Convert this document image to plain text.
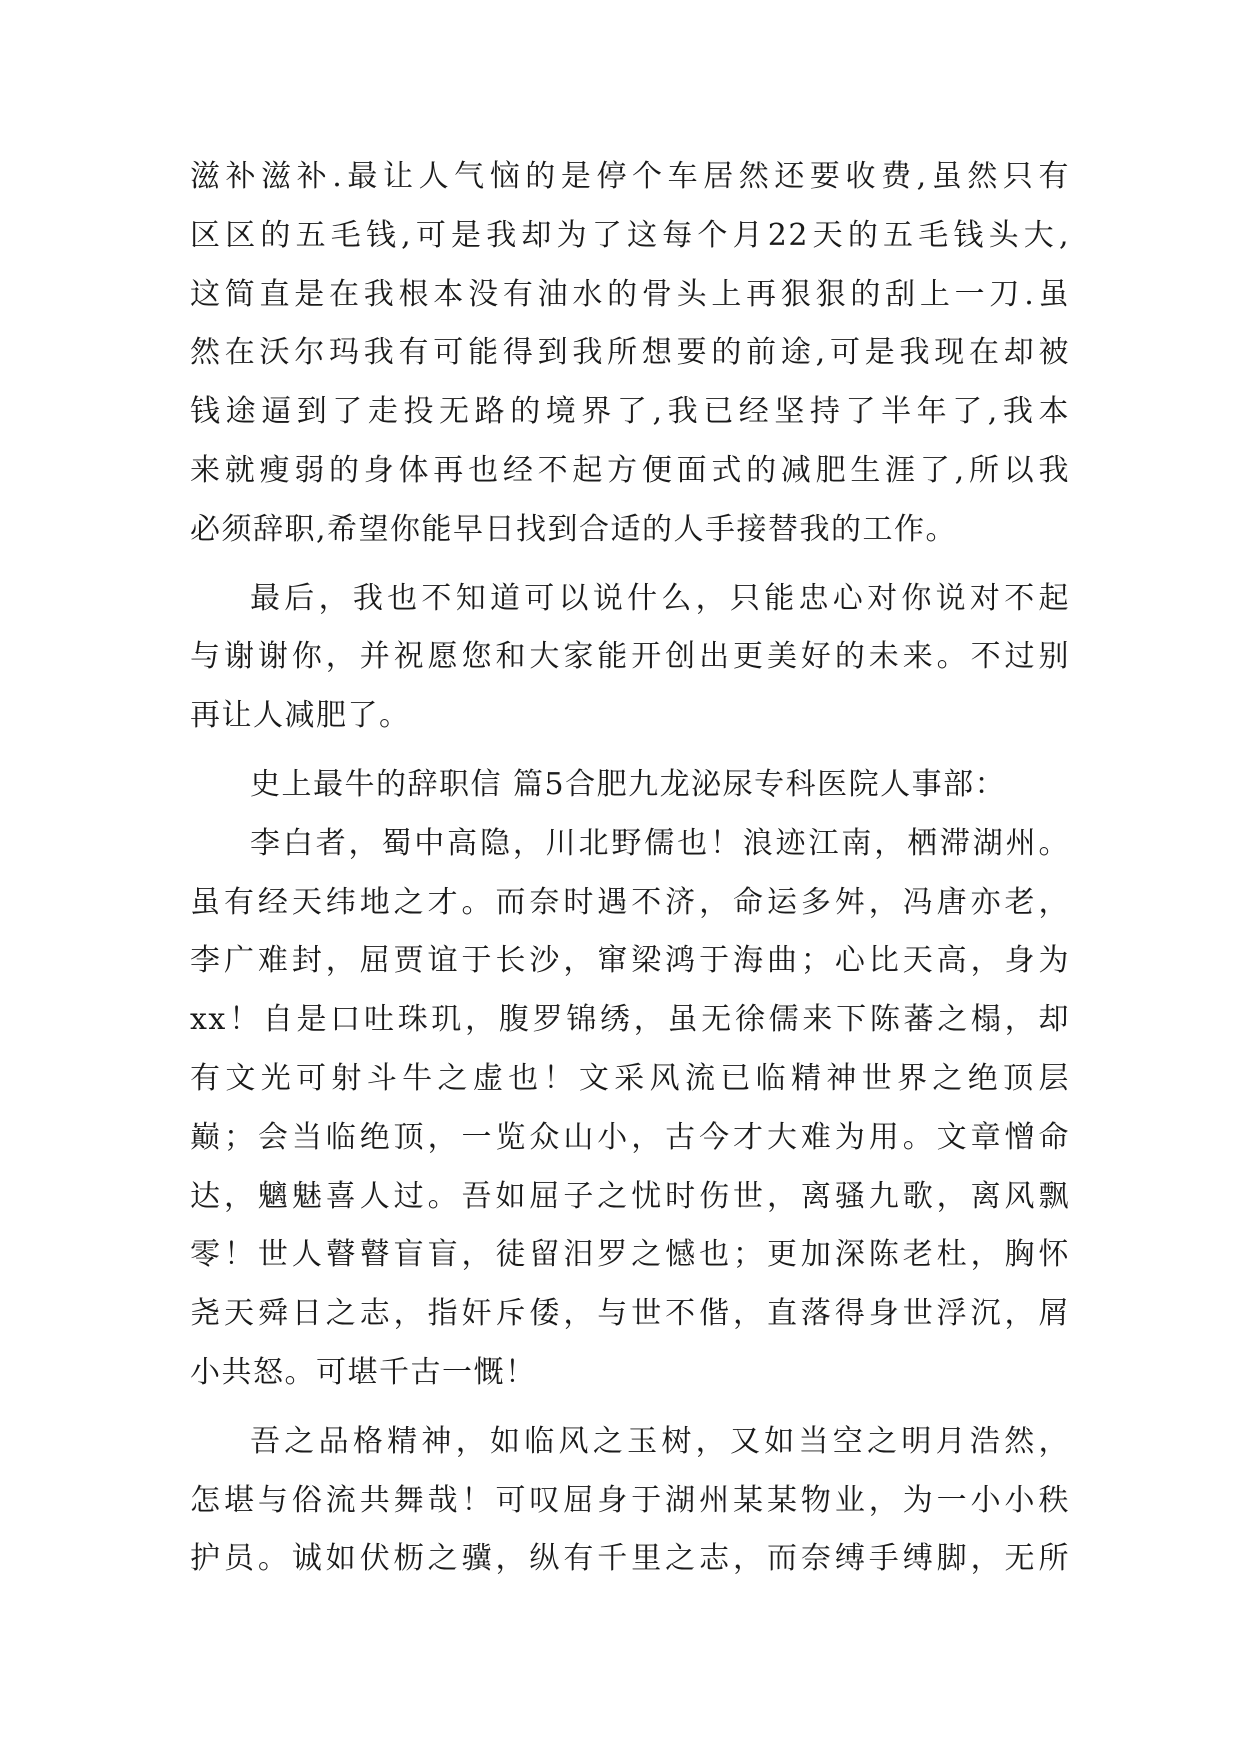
滋补滋补.最让人气恼的是停个车居然还要收费,虽然只有
区区的五毛钱,可是我却为了这每个月22天的五毛钱头大,
这简直是在我根本没有油水的骨头上再狠狠的刮上一刀.虽
然在沃尔玛我有可能得到我所想要的前途,可是我现在却被
钱途逼到了走投无路的境界了,我已经坚持了半年了,我本
来就瘦弱的身体再也经不起方便面式的减肥生涯了,所以我
必须辞职,希望你能早日找到合适的人手接替我的工作。
最后，我也不知道可以说什么，只能忠心对你说对不起
与谢谢你，并祝愿您和大家能开创出更美好的未来。不过别
再让人减肥了。
史上最牛的辞职信 篇5合肥九龙泌尿专科医院人事部：
李白者，蜀中高隐，川北野儒也！浪迹江南，栖滞湖州。
虽有经天纬地之才。而奈时遇不济，命运多舛，冯唐亦老，
李广难封，屈贾谊于长沙，窜梁鸿于海曲；心比天高，身为
xx！自是口吐珠玑，腹罗锦绣，虽无徐儒来下陈蕃之榻，却
有文光可射斗牛之虚也！文采风流已临精神世界之绝顶层
巅；会当临绝顶，一览众山小，古今才大难为用。文章憎命
达，魑魅喜人过。吾如屈子之忧时伤世，离骚九歌，离风飘
零！世人瞽瞽盲盲，徒留汨罗之憾也；更加深陈老杜，胸怀
尧天舜日之志，指奸斥倭，与世不偕，直落得身世浮沉，屑
小共怒。可堪千古一慨！
吾之品格精神，如临风之玉树，又如当空之明月浩然，
怎堪与俗流共舞哉！可叹屈身于湖州某某物业，为一小小秩
护员。诚如伏枥之骥，纵有千里之志，而奈缚手缚脚，无所
